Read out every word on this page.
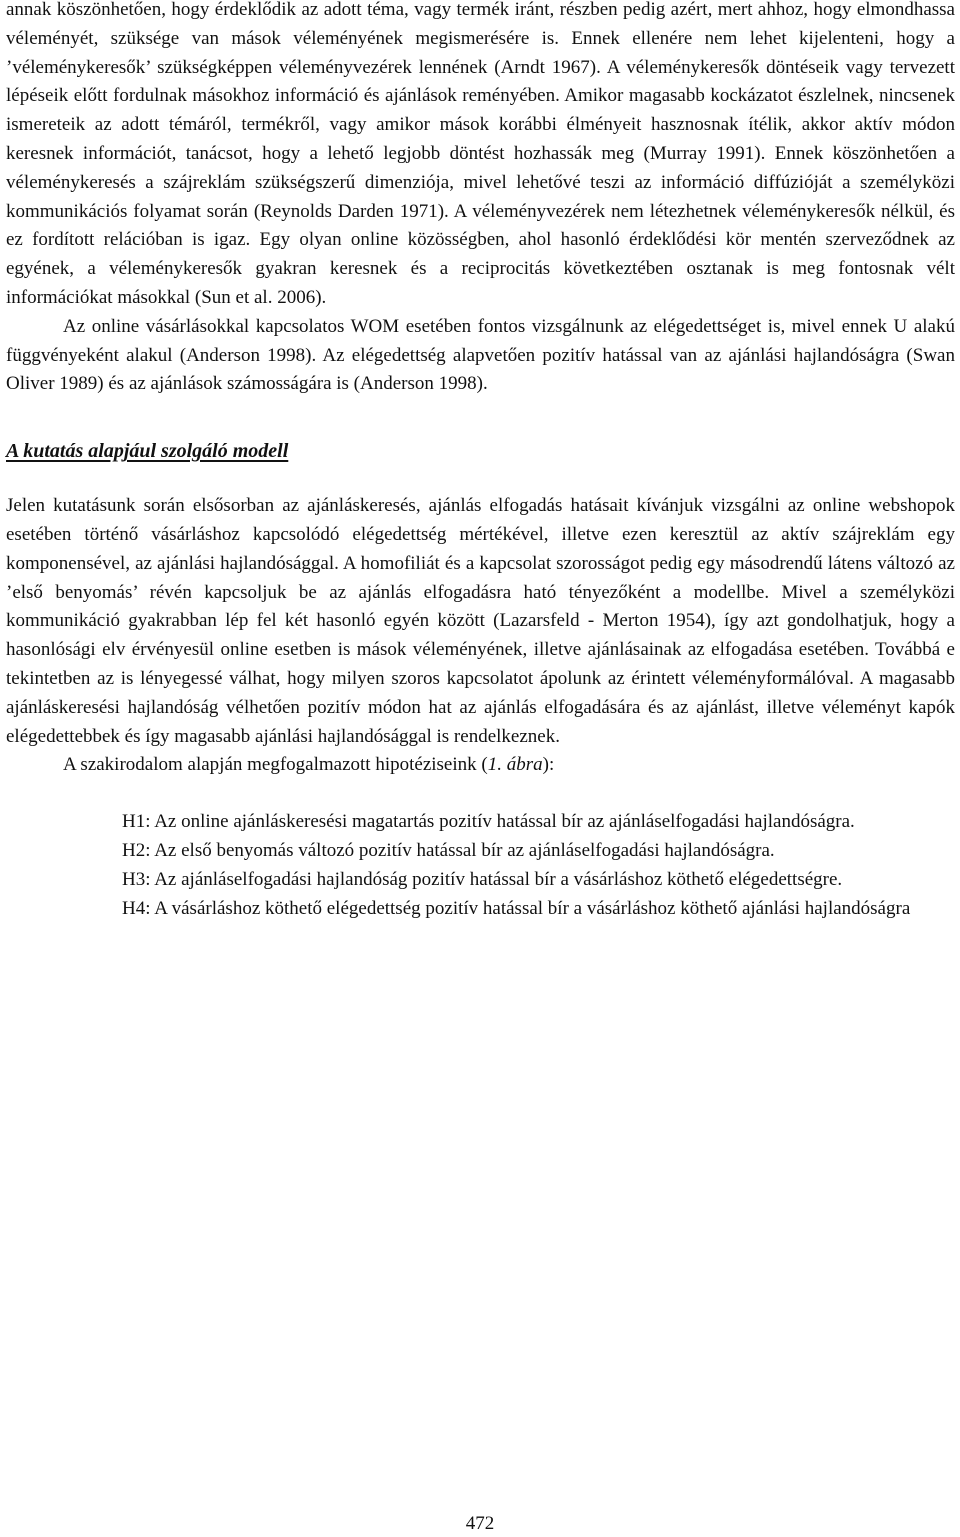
annak köszönhetően, hogy érdeklődik az adott téma, vagy termék iránt, részben pedig azért, mert ahhoz, hogy elmondhassa véleményét, szüksége van mások véleményének megismerésére is. Ennek ellenére nem lehet kijelenteni, hogy a ’véleménykeresők’ szükségképpen véleményvezérek lennének (Arndt 1967). A véleménykeresők döntéseik vagy tervezett lépéseik előtt fordulnak másokhoz információ és ajánlások reményében. Amikor magasabb kockázatot észlelnek, nincsenek ismereteik az adott témáról, termékről, vagy amikor mások korábbi élményeit hasznosnak ítélik, akkor aktív módon keresnek információt, tanácsot, hogy a lehető legjobb döntést hozhassák meg (Murray 1991). Ennek köszönhetően a véleménykeresés a szájreklám szükségszerű dimenziója, mivel lehetővé teszi az információ diffúzióját a személyközi kommunikációs folyamat során (Reynolds Darden 1971). A véleményvezérek nem létezhetnek véleménykeresők nélkül, és ez fordított relációban is igaz. Egy olyan online közösségben, ahol hasonló érdeklődési kör mentén szerveződnek az egyének, a véleménykeresők gyakran keresnek és a reciprocitás következtében osztanak is meg fontosnak vélt információkat másokkal (Sun et al. 2006).

Az online vásárlásokkal kapcsolatos WOM esetében fontos vizsgálnunk az elégedettséget is, mivel ennek U alakú függvényeként alakul (Anderson 1998). Az elégedettség alapvetően pozitív hatással van az ajánlási hajlandóságra (Swan Oliver 1989) és az ajánlások számosságára is (Anderson 1998).

A kutatás alapjául szolgáló modell

Jelen kutatásunk során elsősorban az ajánláskeresés, ajánlás elfogadás hatásait kívánjuk vizsgálni az online webshopok esetében történő vásárláshoz kapcsolódó elégedettség mértékével, illetve ezen keresztül az aktív szájreklám egy komponensével, az ajánlási hajlandósággal. A homofiliát és a kapcsolat szorosságot pedig egy másodrendű látens változó az ’első benyomás’ révén kapcsoljuk be az ajánlás elfogadásra ható tényezőként a modellbe. Mivel a személyközi kommunikáció gyakrabban lép fel két hasonló egyén között (Lazarsfeld - Merton 1954), így azt gondolhatjuk, hogy a hasonlósági elv érvényesül online esetben is mások véleményének, illetve ajánlásainak az elfogadása esetében. Továbbá e tekintetben az is lényegessé válhat, hogy milyen szoros kapcsolatot ápolunk az érintett véleményformálóval. A magasabb ajánláskeresési hajlandóság vélhetően pozitív módon hat az ajánlás elfogadására és az ajánlást, illetve véleményt kapók elégedettebbek és így magasabb ajánlási hajlandósággal is rendelkeznek.

A szakirodalom alapján megfogalmazott hipotéziseink (1. ábra):

H1: Az online ajánláskeresési magatartás pozitív hatással bír az ajánláselfogadási hajlandóságra.

H2: Az első benyomás változó pozitív hatással bír az ajánláselfogadási hajlandóságra.

H3: Az ajánláselfogadási hajlandóság pozitív hatással bír a vásárláshoz köthető elégedettségre.

H4: A vásárláshoz köthető elégedettség pozitív hatással bír a vásárláshoz köthető ajánlási hajlandóságra

472
